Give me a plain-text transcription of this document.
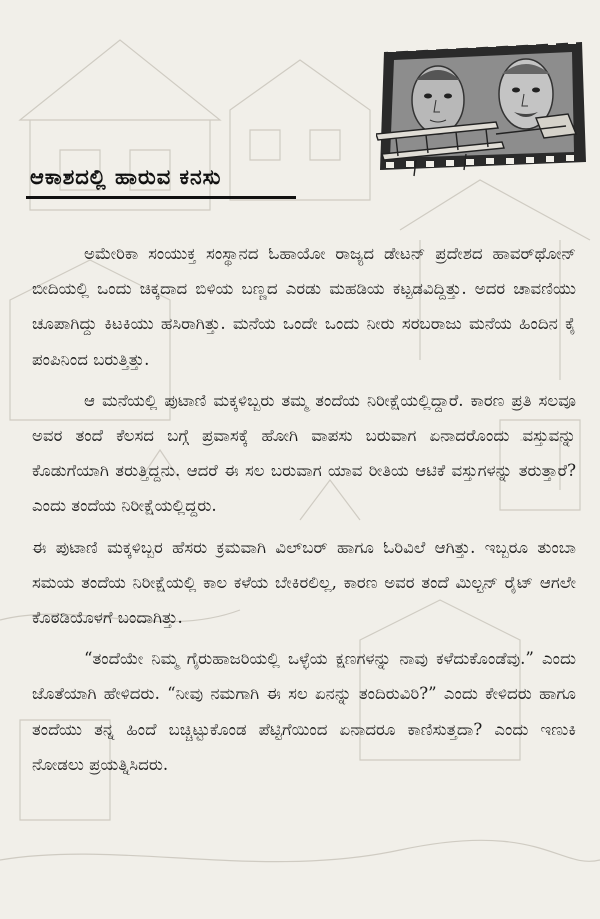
ಆಕಾಶದಲ್ಲಿ ಹಾರುವ ಕನಸು

ಅಮೇರಿಕಾ ಸಂಯುಕ್ತ ಸಂಸ್ಥಾನದ ಓಹಾಯೋ ರಾಜ್ಯದ ಡೇಟನ್ ಪ್ರದೇಶದ ಹಾವರ್‌ಥೋನ್ ಬೀದಿಯಲ್ಲಿ ಒಂದು ಚಿಕ್ಕದಾದ ಬಿಳಿಯ ಬಣ್ಣದ ಎರಡು ಮಹಡಿಯ ಕಟ್ಟಡವಿದ್ದಿತ್ತು. ಅದರ ಚಾವಣಿಯು ಚೂಪಾಗಿದ್ದು ಕಿಟಕಿಯು ಹಸಿರಾಗಿತ್ತು. ಮನೆಯ ಒಂದೇ ಒಂದು ನೀರು ಸರಬರಾಜು ಮನೆಯ ಹಿಂದಿನ ಕೈ ಪಂಪಿನಿಂದ ಬರುತ್ತಿತ್ತು.

ಆ ಮನೆಯಲ್ಲಿ ಪುಟಾಣಿ ಮಕ್ಕಳಿಬ್ಬರು ತಮ್ಮ ತಂದೆಯ ನಿರೀಕ್ಷೆಯಲ್ಲಿದ್ದಾರೆ. ಕಾರಣ ಪ್ರತಿ ಸಲವೂ ಅವರ ತಂದೆ ಕೆಲಸದ ಬಗ್ಗೆ ಪ್ರವಾಸಕ್ಕೆ ಹೋಗಿ ವಾಪಸು ಬರುವಾಗ ಏನಾದರೊಂದು ವಸ್ತುವನ್ನು ಕೊಡುಗೆಯಾಗಿ ತರುತ್ತಿದ್ದನು. ಆದರೆ ಈ ಸಲ ಬರುವಾಗ ಯಾವ ರೀತಿಯ ಆಟಿಕೆ ವಸ್ತುಗಳನ್ನು ತರುತ್ತಾರೆ? ಎಂದು ತಂದೆಯ ನಿರೀಕ್ಷೆಯಲ್ಲಿದ್ದರು.

ಈ ಪುಟಾಣಿ ಮಕ್ಕಳಿಬ್ಬರ ಹೆಸರು ಕ್ರಮವಾಗಿ ವಿಲ್‌ಬರ್ ಹಾಗೂ ಓರಿವಿಲೆ ಆಗಿತ್ತು. ಇಬ್ಬರೂ ತುಂಬಾ ಸಮಯ ತಂದೆಯ ನಿರೀಕ್ಷೆಯಲ್ಲಿ ಕಾಲ ಕಳೆಯ ಬೇಕಿರಲಿಲ್ಲ, ಕಾರಣ ಅವರ ತಂದೆ ಮಿಲ್ಟನ್ ರೈಟ್ ಆಗಲೇ ಕೊಠಡಿಯೊಳಗೆ ಬಂದಾಗಿತ್ತು.

“ತಂದೆಯೇ ನಿಮ್ಮ ಗೈರುಹಾಜರಿಯಲ್ಲಿ ಒಳ್ಳೆಯ ಕ್ಷಣಗಳನ್ನು ನಾವು ಕಳೆದುಕೊಂಡೆವು.” ಎಂದು ಜೊತೆಯಾಗಿ ಹೇಳಿದರು. “ನೀವು ನಮಗಾಗಿ ಈ ಸಲ ಏನನ್ನು ತಂದಿರುವಿರಿ?” ಎಂದು ಕೇಳಿದರು ಹಾಗೂ ತಂದೆಯು ತನ್ನ ಹಿಂದೆ ಬಚ್ಚಿಟ್ಟುಕೊಂಡ ಪೆಟ್ಟಿಗೆಯಿಂದ ಏನಾದರೂ ಕಾಣಿಸುತ್ತದಾ? ಎಂದು ಇಣುಕಿ ನೋಡಲು ಪ್ರಯತ್ನಿಸಿದರು.
